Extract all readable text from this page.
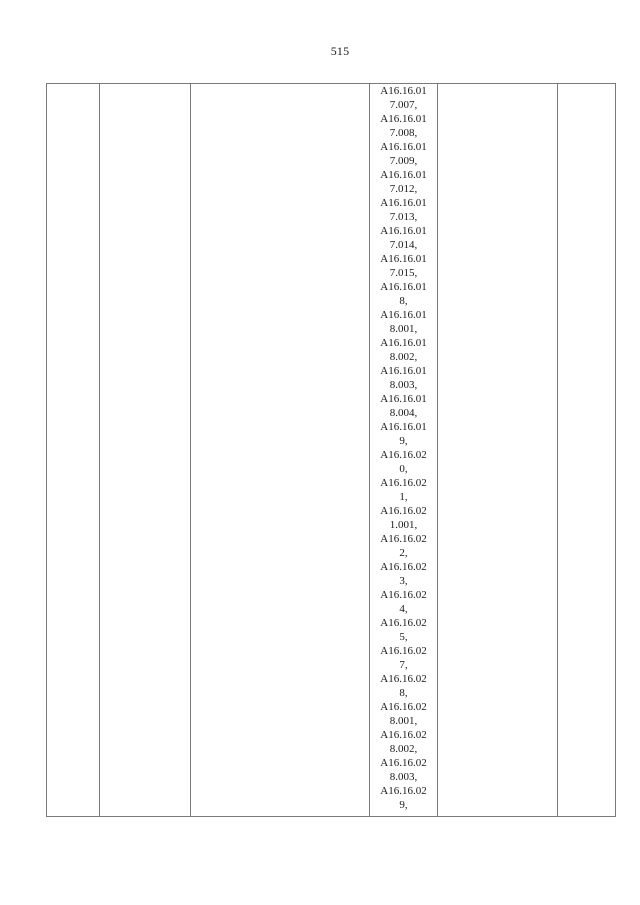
515

A16.16.01
7.007,
A16.16.01
7.008,
A16.16.01
7.009,
A16.16.01
7.012,
A16.16.01
7.013,
A16.16.01
7.014,
A16.16.01
7.015,
A16.16.01
8,
A16.16.01
8.001,
A16.16.01
8.002,
A16.16.01
8.003,
A16.16.01
8.004,
A16.16.01
9,
A16.16.02
0,
A16.16.02
1,
A16.16.02
1.001,
A16.16.02
2,
A16.16.02
3,
A16.16.02
4,
A16.16.02
5,
A16.16.02
7,
A16.16.02
8,
A16.16.02
8.001,
A16.16.02
8.002,
A16.16.02
8.003,
A16.16.02
9,
